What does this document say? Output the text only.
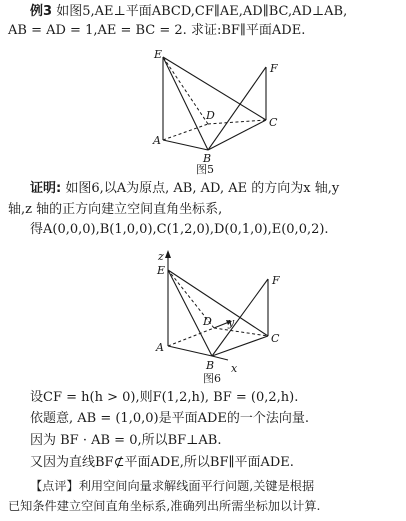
例3 如图5,AE⊥平面ABCD,CF∥AE,AD∥BC,AD⊥AB,
AB = AD = 1,AE = BC = 2. 求证:BF∥平面ADE.
E
F
D
C
A
B
图5
证明: 如图6,以A为原点, AB, AD, AE 的方向为x 轴,y
轴,z 轴的正方向建立空间直角坐标系,
得A(0,0,0),B(1,0,0),C(1,2,0),D(0,1,0),E(0,0,2).
z
E
F
D y
C
A
B x
图6
设CF = h(h > 0),则F(1,2,h), BF = (0,2,h).
依题意, AB = (1,0,0)是平面ADE的一个法向量.
因为 BF · AB = 0,所以BF⊥AB.
又因为直线BF⊄平面ADE,所以BF∥平面ADE.
【点评】利用空间向量求解线面平行问题,关键是根据
已知条件建立空间直角坐标系,准确列出所需坐标加以计算.
